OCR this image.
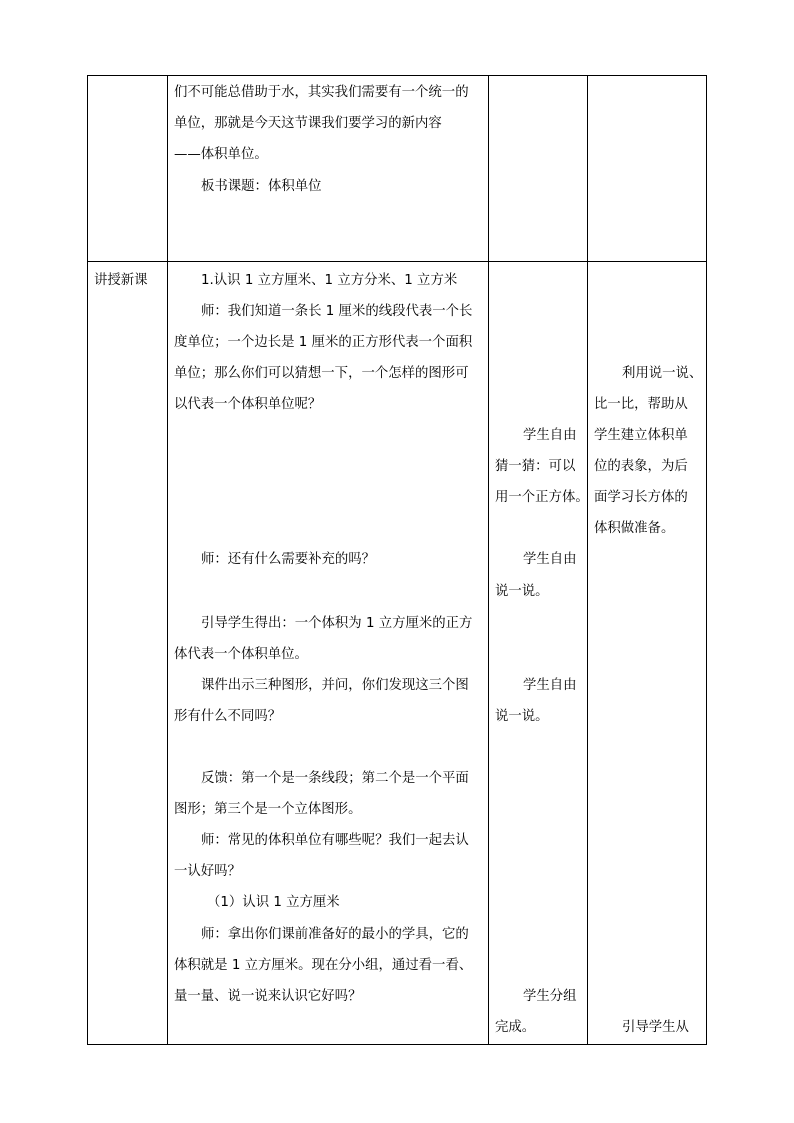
们不可能总借助于水，其实我们需要有一个统一的
单位，那就是今天这节课我们要学习的新内容
——体积单位。
板书课题：体积单位
讲授新课	1.认识 1 立方厘米、1 立方分米、1 立方米
师：我们知道一条长 1 厘米的线段代表一个长
度单位；一个边长是 1 厘米的正方形代表一个面积
单位；那么你们可以猜想一下，一个怎样的图形可
以代表一个体积单位呢？
师：还有什么需要补充的吗？
引导学生得出：一个体积为 1 立方厘米的正方
体代表一个体积单位。
课件出示三种图形，并问，你们发现这三个图
形有什么不同吗？
反馈：第一个是一条线段；第二个是一个平面
图形；第三个是一个立体图形。
师：常见的体积单位有哪些呢？我们一起去认
一认好吗？
（1）认识 1 立方厘米
师：拿出你们课前准备好的最小的学具，它的
体积就是 1 立方厘米。现在分小组，通过看一看、
量一量、说一说来认识它好吗？
学生自由
猜一猜：可以
用一个正方体。
学生自由
说一说。
学生自由
说一说。
学生分组
完成。
利用说一说、
比一比，帮助从
学生建立体积单
位的表象，为后
面学习长方体的
体积做准备。
引导学生从
